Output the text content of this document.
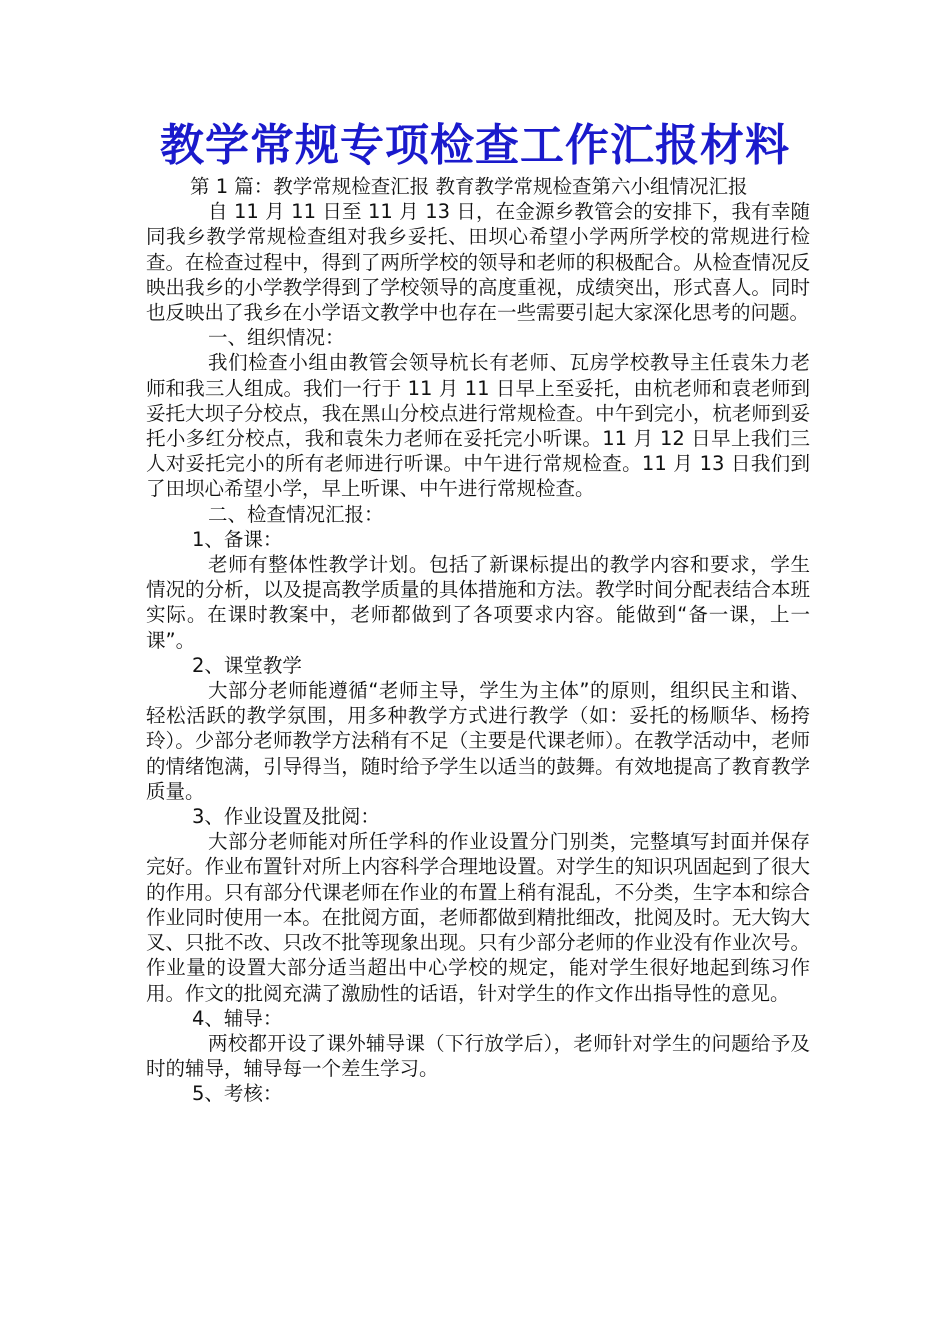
教学常规专项检查工作汇报材料

第 1 篇：教学常规检查汇报 教育教学常规检查第六小组情况汇报

自 11 月 11 日至 11 月 13 日，在金源乡教管会的安排下，我有幸随同我乡教学常规检查组对我乡妥托、田坝心希望小学两所学校的常规进行检查。在检查过程中，得到了两所学校的领导和老师的积极配合。从检查情况反映出我乡的小学教学得到了学校领导的高度重视，成绩突出，形式喜人。同时也反映出了我乡在小学语文教学中也存在一些需要引起大家深化思考的问题。

一、组织情况：

我们检查小组由教管会领导杭长有老师、瓦房学校教导主任袁朱力老师和我三人组成。我们一行于 11 月 11 日早上至妥托，由杭老师和袁老师到妥托大坝子分校点，我在黑山分校点进行常规检查。中午到完小，杭老师到妥托小多红分校点，我和袁朱力老师在妥托完小听课。11 月 12 日早上我们三人对妥托完小的所有老师进行听课。中午进行常规检查。11 月 13 日我们到了田坝心希望小学，早上听课、中午进行常规检查。

二、检查情况汇报：

1、备课：

老师有整体性教学计划。包括了新课标提出的教学内容和要求，学生情况的分析，以及提高教学质量的具体措施和方法。教学时间分配表结合本班实际。在课时教案中，老师都做到了各项要求内容。能做到“备一课，上一课”。

2、课堂教学

大部分老师能遵循“老师主导，学生为主体”的原则，组织民主和谐、轻松活跃的教学氛围，用多种教学方式进行教学（如：妥托的杨顺华、杨挎玲）。少部分老师教学方法稍有不足（主要是代课老师）。在教学活动中，老师的情绪饱满，引导得当，随时给予学生以适当的鼓舞。有效地提高了教育教学质量。

3、作业设置及批阅：

大部分老师能对所任学科的作业设置分门别类，完整填写封面并保存完好。作业布置针对所上内容科学合理地设置。对学生的知识巩固起到了很大的作用。只有部分代课老师在作业的布置上稍有混乱，不分类，生字本和综合作业同时使用一本。在批阅方面，老师都做到精批细改，批阅及时。无大钩大叉、只批不改、只改不批等现象出现。只有少部分老师的作业没有作业次号。作业量的设置大部分适当超出中心学校的规定，能对学生很好地起到练习作用。作文的批阅充满了激励性的话语，针对学生的作文作出指导性的意见。

4、辅导：

两校都开设了课外辅导课（下行放学后），老师针对学生的问题给予及时的辅导，辅导每一个差生学习。

5、考核：
